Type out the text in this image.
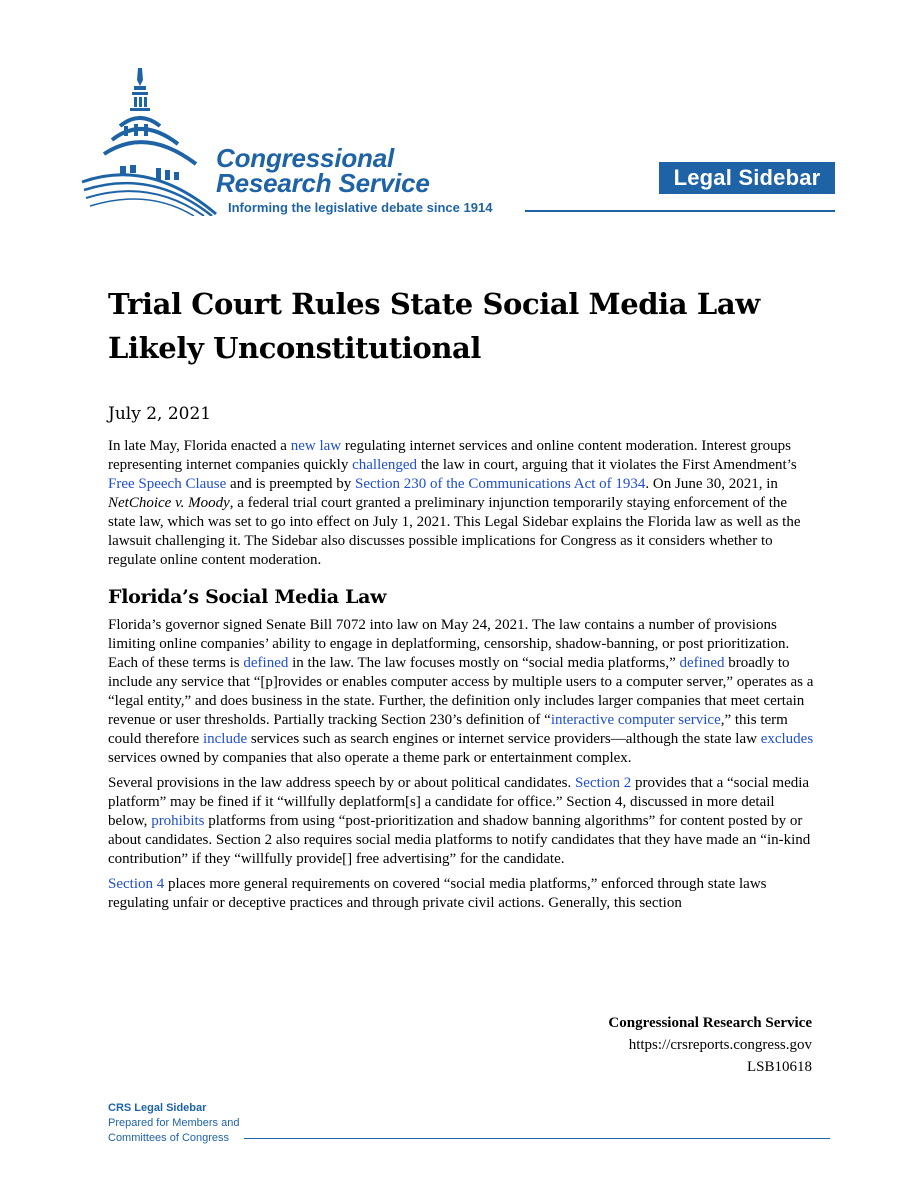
Congressional
Research Service
Informing the legislative debate since 1914
Legal Sidebar
Trial Court Rules State Social Media Law Likely Unconstitutional
July 2, 2021

In late May, Florida enacted a new law regulating internet services and online content moderation. Interest groups representing internet companies quickly challenged the law in court, arguing that it violates the First Amendment’s Free Speech Clause and is preempted by Section 230 of the Communications Act of 1934. On June 30, 2021, in NetChoice v. Moody, a federal trial court granted a preliminary injunction temporarily staying enforcement of the state law, which was set to go into effect on July 1, 2021. This Legal Sidebar explains the Florida law as well as the lawsuit challenging it. The Sidebar also discusses possible implications for Congress as it considers whether to regulate online content moderation.

Florida’s Social Media Law

Florida’s governor signed Senate Bill 7072 into law on May 24, 2021. The law contains a number of provisions limiting online companies’ ability to engage in deplatforming, censorship, shadow-banning, or post prioritization. Each of these terms is defined in the law. The law focuses mostly on “social media platforms,” defined broadly to include any service that “[p]rovides or enables computer access by multiple users to a computer server,” operates as a “legal entity,” and does business in the state. Further, the definition only includes larger companies that meet certain revenue or user thresholds. Partially tracking Section 230’s definition of “interactive computer service,” this term could therefore include services such as search engines or internet service providers—although the state law excludes services owned by companies that also operate a theme park or entertainment complex.

Several provisions in the law address speech by or about political candidates. Section 2 provides that a “social media platform” may be fined if it “willfully deplatform[s] a candidate for office.” Section 4, discussed in more detail below, prohibits platforms from using “post-prioritization and shadow banning algorithms” for content posted by or about candidates. Section 2 also requires social media platforms to notify candidates that they have made an “in-kind contribution” if they “willfully provide[] free advertising” for the candidate.

Section 4 places more general requirements on covered “social media platforms,” enforced through state laws regulating unfair or deceptive practices and through private civil actions. Generally, this section

Congressional Research Service
https://crsreports.congress.gov
LSB10618
CRS Legal Sidebar
Prepared for Members and
Committees of Congress
